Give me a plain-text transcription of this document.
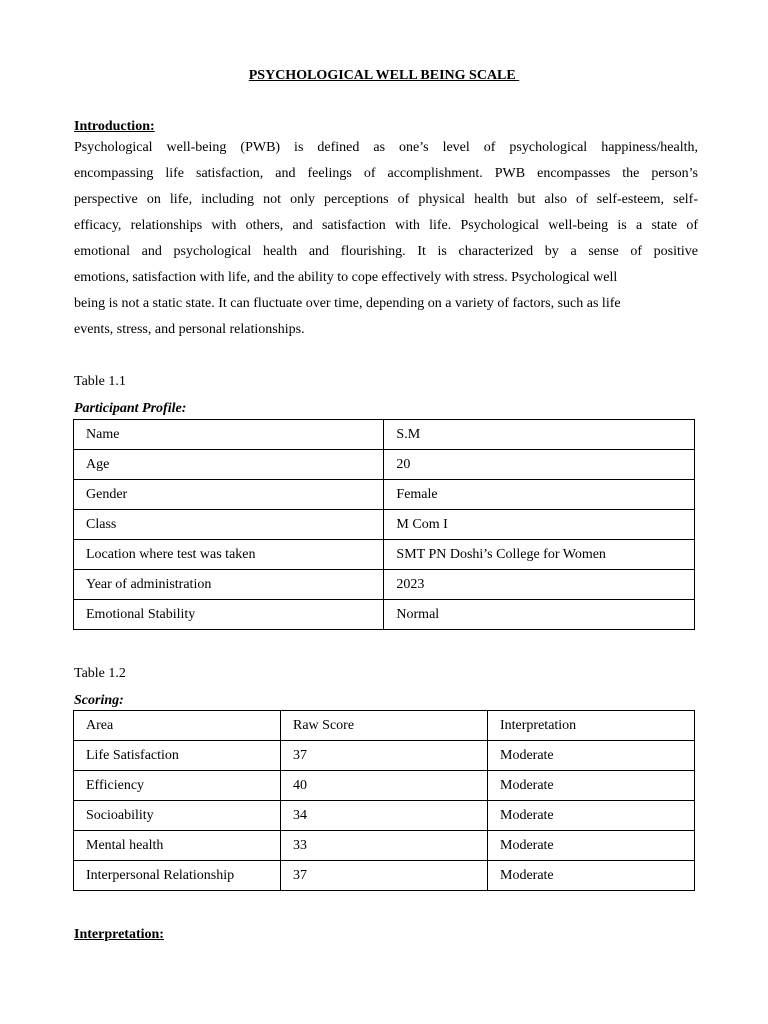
PSYCHOLOGICAL WELL BEING SCALE
Introduction:
Psychological well-being (PWB) is defined as one’s level of psychological happiness/health,
encompassing life satisfaction, and feelings of accomplishment. PWB encompasses the person’s
perspective on life, including not only perceptions of physical health but also of self-esteem, self-
efficacy, relationships with others, and satisfaction with life. Psychological well-being is a state of
emotional and psychological health and flourishing. It is characterized by a sense of positive
emotions, satisfaction with life, and the ability to cope effectively with stress. Psychological well
being is not a static state. It can fluctuate over time, depending on a variety of factors, such as life
events, stress, and personal relationships.
Table 1.1
Participant Profile:
Name	S.M
Age	20
Gender	Female
Class	M Com I
Location where test was taken	SMT PN Doshi’s College for Women
Year of administration	2023
Emotional Stability	Normal
Table 1.2
Scoring:
Area	Raw Score	Interpretation
Life Satisfaction	37	Moderate
Efficiency	40	Moderate
Socioability	34	Moderate
Mental health	33	Moderate
Interpersonal Relationship	37	Moderate
Interpretation:
